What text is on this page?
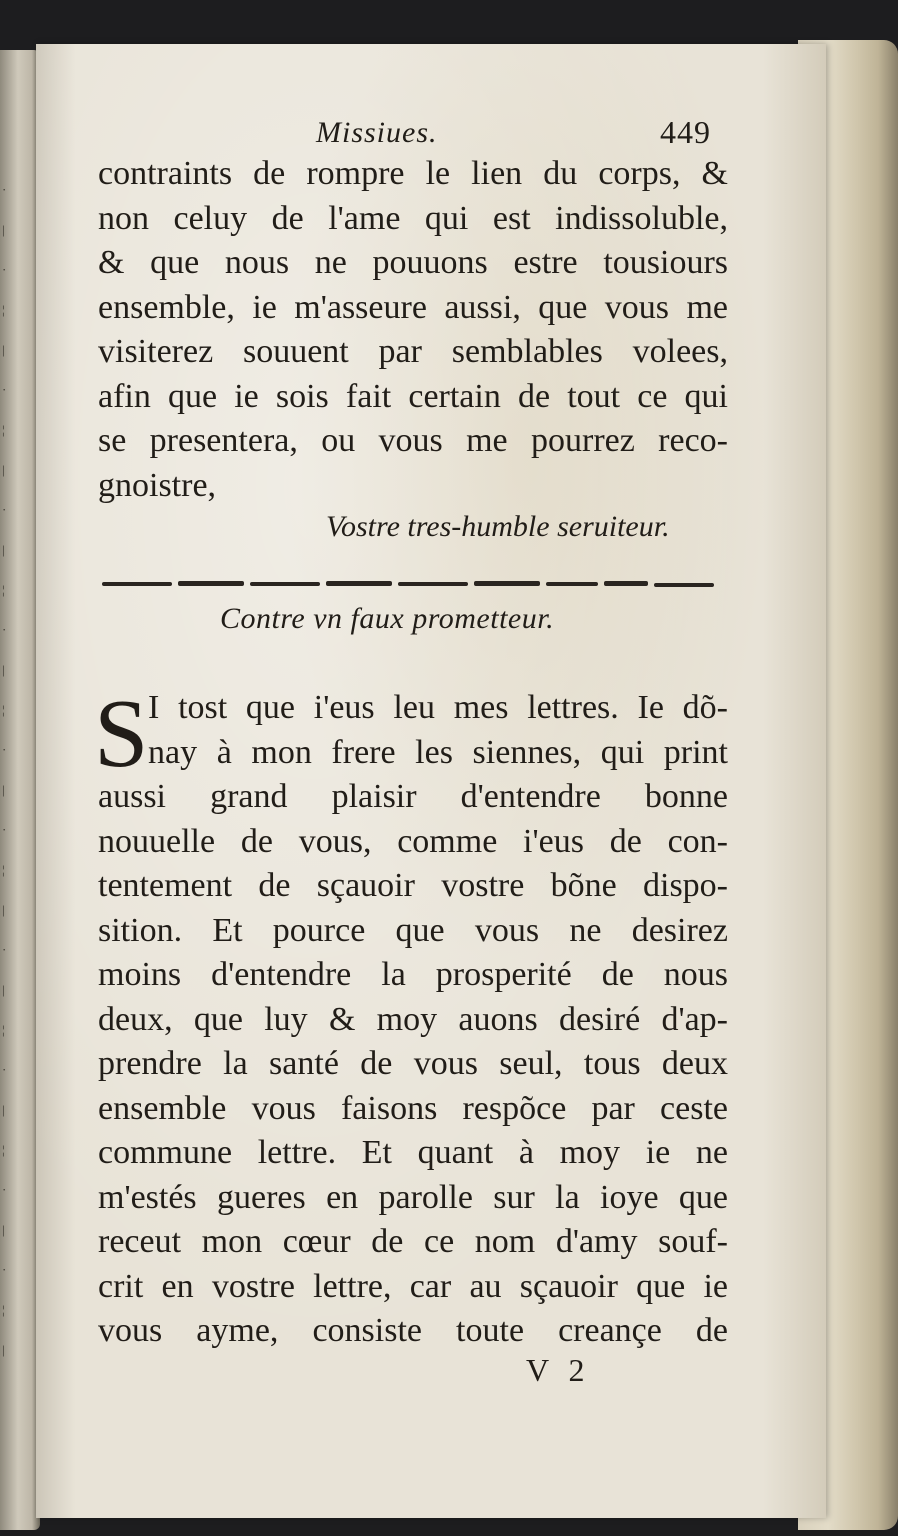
·
|
·
¦
|
·
¦
|
·
|
¦
·
|
¦
·
|
·
¦
|
·
|
¦
·
|
¦
·
|
·
¦
|
Missiues.	449
contraints de rompre le lien du corps, &
non celuy de l'ame qui est indissoluble,
& que nous ne pouuons estre tousiours
ensemble, ie m'asseure aussi, que vous me
visiterez souuent par semblables volees,
afin que ie sois fait certain de tout ce qui
se presentera, ou vous me pourrez reco-
gnoistre,
Vostre tres-humble seruiteur.
Contre vn faux prometteur.
S I tost que i'eus leu mes lettres. Ie dõ-
nay à mon frere les siennes, qui print
aussi grand plaisir d'entendre bonne
nouuelle de vous, comme i'eus de con-
tentement de sçauoir vostre bõne dispo-
sition. Et pource que vous ne desirez
moins d'entendre la prosperité de nous
deux, que luy & moy auons desiré d'ap-
prendre la santé de vous seul, tous deux
ensemble vous faisons respõce par ceste
commune lettre. Et quant à moy ie ne
m'estés gueres en parolle sur la ioye que
receut mon cœur de ce nom d'amy souf-
crit en vostre lettre, car au sçauoir que ie
vous ayme, consiste toute creançe de
V 2
